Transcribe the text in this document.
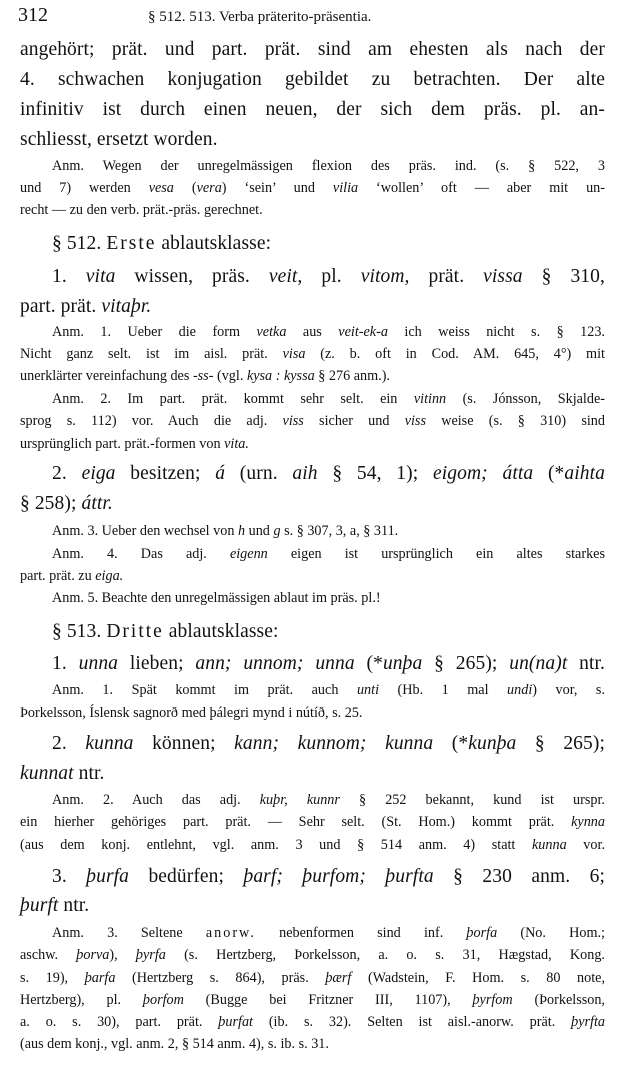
312	§ 512. 513. Verba präterito-präsentia.
angehört; prät. und part. prät. sind am ehesten als nach der
4. schwachen konjugation gebildet zu betrachten. Der alte
infinitiv ist durch einen neuen, der sich dem präs. pl. an-
schliesst, ersetzt worden.
Anm. Wegen der unregelmässigen flexion des präs. ind. (s. § 522, 3
und 7) werden vesa (vera) ‘sein’ und vilia ‘wollen’ oft — aber mit un-
recht — zu den verb. prät.-präs. gerechnet.
§ 512. Erste ablautsklasse:
1. vita wissen, präs. veit, pl. vitom, prät. vissa § 310,
part. prät. vitaþr.
Anm. 1. Ueber die form vetka aus veit-ek-a ich weiss nicht s. § 123.
Nicht ganz selt. ist im aisl. prät. visa (z. b. oft in Cod. AM. 645, 4°) mit
unerklärter vereinfachung des -ss- (vgl. kysa : kyssa § 276 anm.).
Anm. 2. Im part. prät. kommt sehr selt. ein vitinn (s. Jónsson, Skjalde-
sprog s. 112) vor. Auch die adj. viss sicher und viss weise (s. § 310) sind
ursprünglich part. prät.-formen von vita.
2. eiga besitzen; á (urn. aih § 54, 1); eigom; átta (*aihta
§ 258); áttr.
Anm. 3. Ueber den wechsel von h und g s. § 307, 3, a, § 311.
Anm. 4. Das adj. eigenn eigen ist ursprünglich ein altes starkes
part. prät. zu eiga.
Anm. 5. Beachte den unregelmässigen ablaut im präs. pl.!
§ 513. Dritte ablautsklasse:
1. unna lieben; ann; unnom; unna (*unþa § 265); un(na)t ntr.
Anm. 1. Spät kommt im prät. auch unti (Hb. 1 mal undi) vor, s.
Þorkelsson, Íslensk sagnorð med þálegri mynd i nútíð, s. 25.
2. kunna können; kann; kunnom; kunna (*kunþa § 265);
kunnat ntr.
Anm. 2. Auch das adj. kuþr, kunnr § 252 bekannt, kund ist urspr.
ein hierher gehöriges part. prät. — Sehr selt. (St. Hom.) kommt prät. kynna
(aus dem konj. entlehnt, vgl. anm. 3 und § 514 anm. 4) statt kunna vor.
3. þurfa bedürfen; þarf; þurfom; þurfta § 230 anm. 6;
þurft ntr.
Anm. 3. Seltene anorw. nebenformen sind inf. þorfa (No. Hom.;
aschw. þorva), þyrfa (s. Hertzberg, Þorkelsson, a. o. s. 31, Hægstad, Kong.
s. 19), þarfa (Hertzberg s. 864), präs. þærf (Wadstein, F. Hom. s. 80 note,
Hertzberg), pl. þorfom (Bugge bei Fritzner III, 1107), þyrfom (Þorkelsson,
a. o. s. 30), part. prät. þurfat (ib. s. 32). Selten ist aisl.-anorw. prät. þyrfta
(aus dem konj., vgl. anm. 2, § 514 anm. 4), s. ib. s. 31.
